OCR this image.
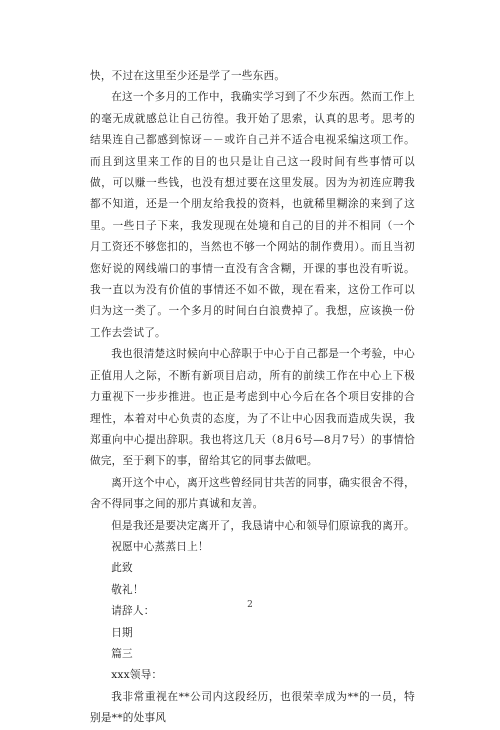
快，不过在这里至少还是学了一些东西。

在这一个多月的工作中，我确实学习到了不少东西。然而工作上的毫无成就感总让自己彷徨。我开始了思索，认真的思考。思考的结果连自己都感到惊讶－－或许自己并不适合电视采编这项工作。而且到这里来工作的目的也只是让自己这一段时间有些事情可以做，可以赚一些钱，也没有想过要在这里发展。因为为初连应聘我都不知道，还是一个朋友给我投的资料，也就稀里糊涂的来到了这里。一些日子下来，我发现现在处境和自己的目的并不相同（一个月工资还不够您扣的，当然也不够一个网站的制作费用）。而且当初您好说的网线端口的事情一直没有含含糊，开课的事也没有听说。我一直以为没有价值的事情还不如不做，现在看来，这份工作可以归为这一类了。一个多月的时间白白浪费掉了。我想，应该换一份工作去尝试了。

我也很清楚这时候向中心辞职于中心于自己都是一个考验，中心正值用人之际，不断有新项目启动，所有的前续工作在中心上下极力重视下一步步推进。也正是考虑到中心今后在各个项目安排的合理性，本着对中心负责的态度，为了不让中心因我而造成失误，我郑重向中心提出辞职。我也将这几天（8月6号—8月7号）的事情恰做完，至于剩下的事，留给其它的同事去做吧。

离开这个中心，离开这些曾经同甘共苦的同事，确实很舍不得，舍不得同事之间的那片真诚和友善。

但是我还是要决定离开了，我恳请中心和领导们原谅我的离开。

祝愿中心蒸蒸日上！

此致

敬礼！

请辞人：

日期

篇三

xxx领导：

我非常重视在**公司内这段经历，也很荣幸成为**的一员，特别是**的处事风

2
